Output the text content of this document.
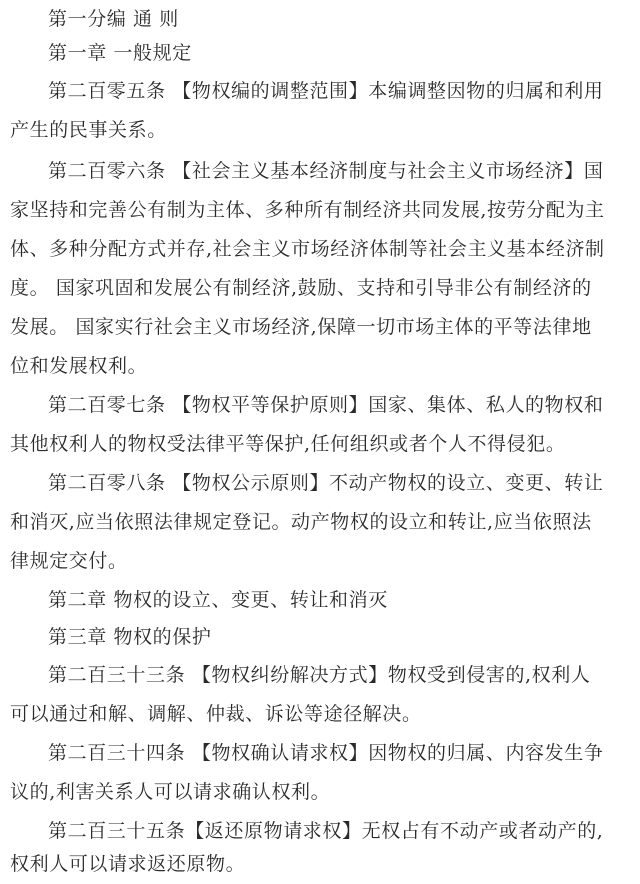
第一分编 通 则
第一章 一般规定
第二百零五条 【物权编的调整范围】本编调整因物的归属和利用
产生的民事关系。
第二百零六条 【社会主义基本经济制度与社会主义市场经济】国
家坚持和完善公有制为主体、多种所有制经济共同发展,按劳分配为主
体、多种分配方式并存,社会主义市场经济体制等社会主义基本经济制
度。 国家巩固和发展公有制经济,鼓励、支持和引导非公有制经济的
发展。 国家实行社会主义市场经济,保障一切市场主体的平等法律地
位和发展权利。
第二百零七条 【物权平等保护原则】国家、集体、私人的物权和
其他权利人的物权受法律平等保护,任何组织或者个人不得侵犯。
第二百零八条 【物权公示原则】不动产物权的设立、变更、转让
和消灭,应当依照法律规定登记。动产物权的设立和转让,应当依照法
律规定交付。
第二章 物权的设立、变更、转让和消灭
第三章 物权的保护
第二百三十三条 【物权纠纷解决方式】物权受到侵害的,权利人
可以通过和解、调解、仲裁、诉讼等途径解决。
第二百三十四条 【物权确认请求权】因物权的归属、内容发生争
议的,利害关系人可以请求确认权利。
第二百三十五条【返还原物请求权】无权占有不动产或者动产的,
权利人可以请求返还原物。
